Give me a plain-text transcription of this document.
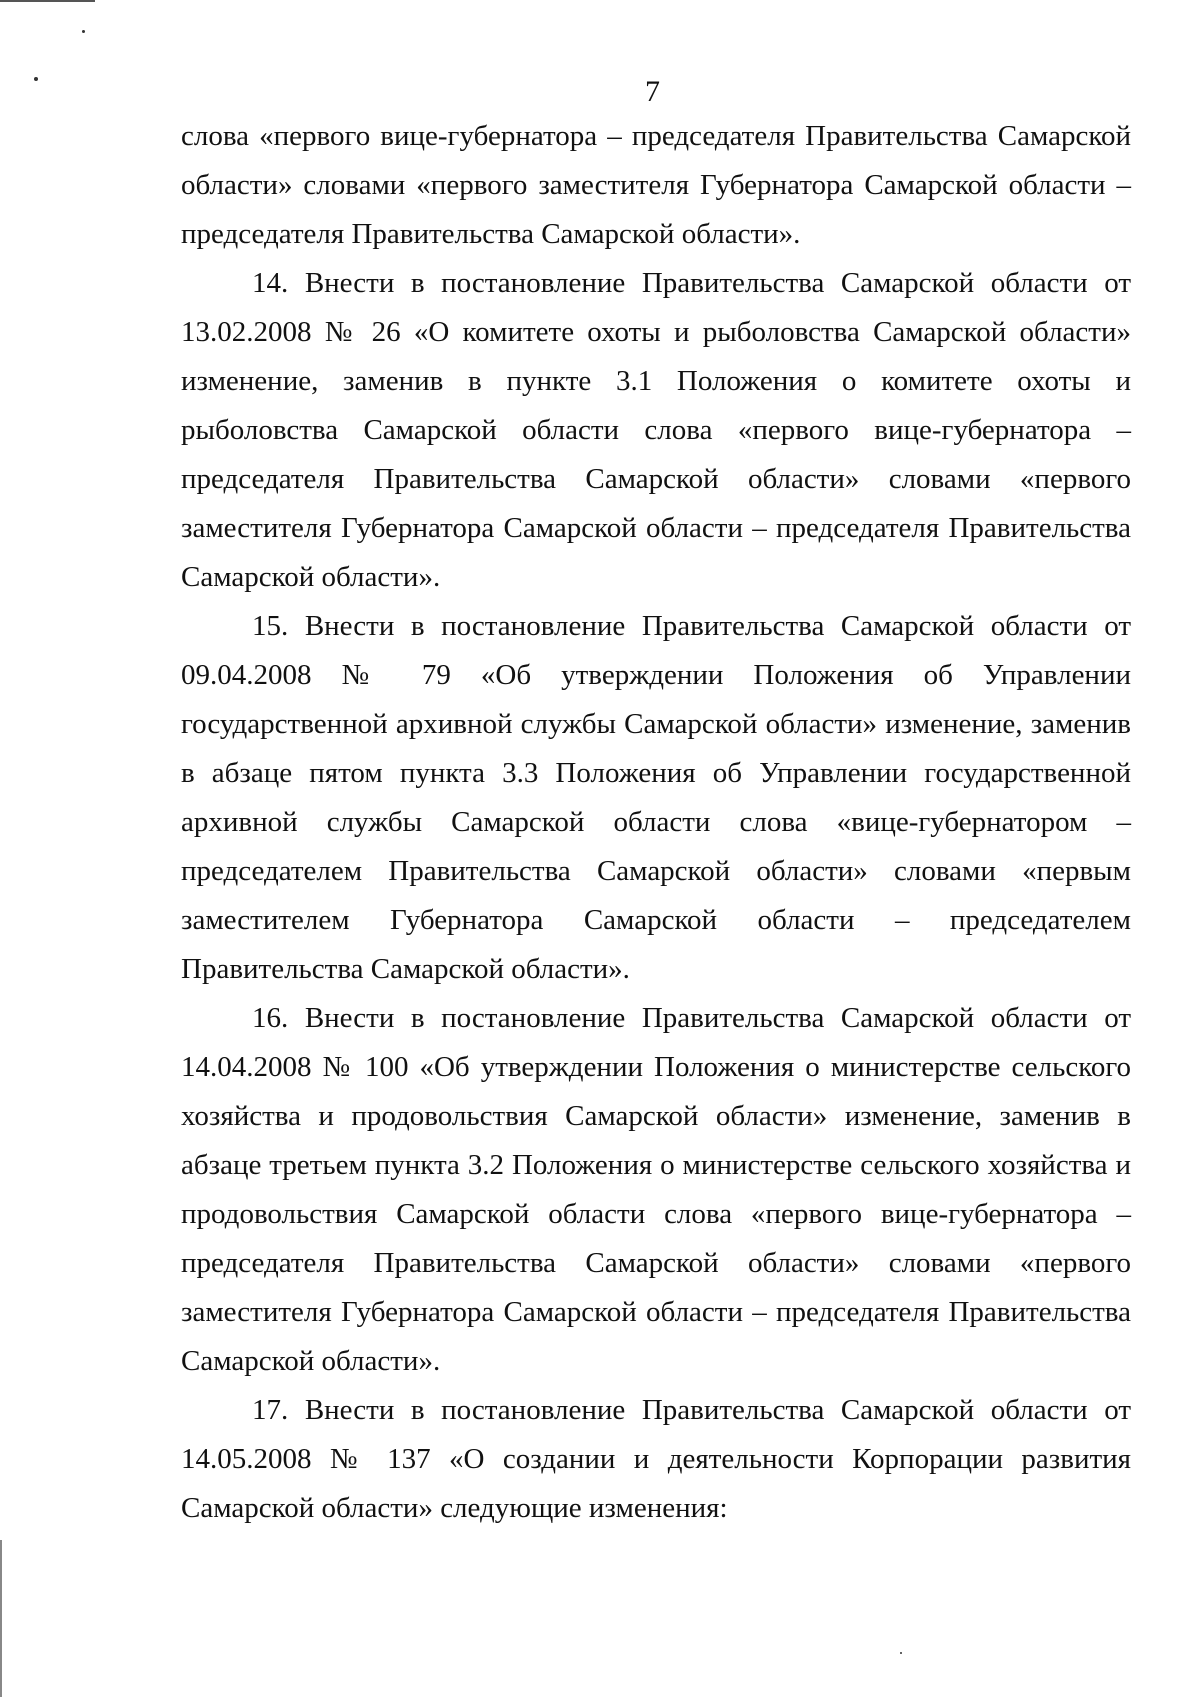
7

слова «первого вице-губернатора – председателя Правительства Самарской области» словами «первого заместителя Губернатора Самарской области – председателя Правительства Самарской области».

14. Внести в постановление Правительства Самарской области от 13.02.2008 № 26 «О комитете охоты и рыболовства Самарской области» изменение, заменив в пункте 3.1 Положения о комитете охоты и рыболовства Самарской области слова «первого вице-губернатора – председателя Правительства Самарской области» словами «первого заместителя Губернатора Самарской области – председателя Правительства Самарской области».

15. Внести в постановление Правительства Самарской области от 09.04.2008 № 79 «Об утверждении Положения об Управлении государственной архивной службы Самарской области» изменение, заменив в абзаце пятом пункта 3.3 Положения об Управлении государственной архивной службы Самарской области слова «вице-губернатором – председателем Правительства Самарской области» словами «первым заместителем Губернатора Самарской области – председателем Правительства Самарской области».

16. Внести в постановление Правительства Самарской области от 14.04.2008 № 100 «Об утверждении Положения о министерстве сельского хозяйства и продовольствия Самарской области» изменение, заменив в абзаце третьем пункта 3.2 Положения о министерстве сельского хозяйства и продовольствия Самарской области слова «первого вице-губернатора – председателя Правительства Самарской области» словами «первого заместителя Губернатора Самарской области – председателя Правительства Самарской области».

17. Внести в постановление Правительства Самарской области от 14.05.2008 № 137 «О создании и деятельности Корпорации развития Самарской области» следующие изменения:
